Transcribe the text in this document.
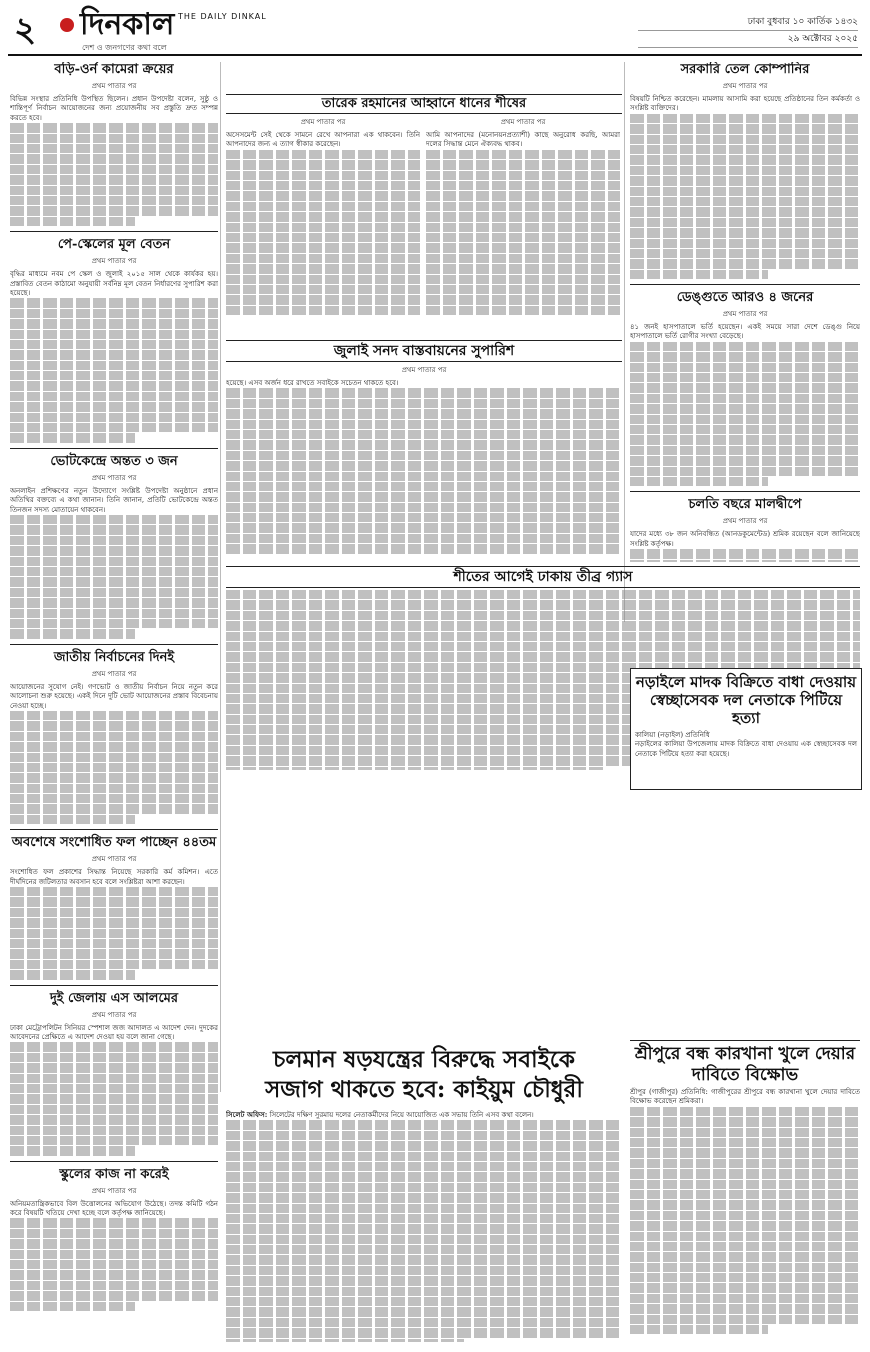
২ দিনকাল THE DAILY DINKAL
দেশ ও জনগণের কথা বলে
ঢাকা বুধবার ১০ কার্তিক ১৪৩২
২৯ অক্টোবর ২০২৫
বড়ি-ওর্ন কামেরা ক্রয়ের
প্রথম পাতার পর
বিভিন্ন সংস্থার প্রতিনিধি উপস্থিত ছিলেন। প্রধান উপদেষ্টা বলেন, সুষ্ঠু ও শান্তিপূর্ণ নির্বাচন আয়োজনের জন্য প্রয়োজনীয় সব প্রস্তুতি দ্রুত সম্পন্ন করতে হবে।
পে-স্কেলের মূল বেতন
প্রথম পাতার পর
বৃদ্ধির মাধ্যমে নবম পে স্কেল ও জুলাই ২০১৫ সাল থেকে কার্যকর হয়। প্রস্তাবিত বেতন কাঠামো অনুযায়ী সর্বনিম্ন মূল বেতন নির্ধারণের সুপারিশ করা হয়েছে।
ভোটকেন্দ্রে অন্তত ৩ জন
প্রথম পাতার পর
অনলাইন প্রশিক্ষণের নতুন উদ্যোগে সংশ্লিষ্ট উপদেষ্টা অনুষ্ঠানে প্রধান অতিথির বক্তব্যে এ কথা জানান। তিনি জানান, প্রতিটি ভোটকেন্দ্রে অন্তত তিনজন সদস্য মোতায়েন থাকবেন।
জাতীয় নির্বাচনের দিনই
প্রথম পাতার পর
আয়োজনের সুযোগ নেই। গণভোট ও জাতীয় নির্বাচন নিয়ে নতুন করে আলোচনা শুরু হয়েছে। একই দিনে দুটি ভোট আয়োজনের প্রস্তাব বিবেচনায় নেওয়া হচ্ছে।
অবশেষে সংশোধিত ফল পাচ্ছেন ৪৪তম
প্রথম পাতার পর
সংশোধিত ফল প্রকাশের সিদ্ধান্ত নিয়েছে সরকারি কর্ম কমিশন। এতে দীর্ঘদিনের জটিলতার অবসান হবে বলে সংশ্লিষ্টরা আশা করছেন।
দুই জেলায় এস আলমের
প্রথম পাতার পর
ঢাকা মেট্রোপলিটন সিনিয়র স্পেশাল জজ আদালত এ আদেশ দেন। দুদকের আবেদনের প্রেক্ষিতে এ আদেশ দেওয়া হয় বলে জানা গেছে।
স্কুলের কাজ না করেই
প্রথম পাতার পর
অনিয়মতান্ত্রিকভাবে বিল উত্তোলনের অভিযোগ উঠেছে। তদন্ত কমিটি গঠন করে বিষয়টি খতিয়ে দেখা হচ্ছে বলে কর্তৃপক্ষ জানিয়েছে।
তারেক রহমানের আহ্বানে ধানের শীষের
প্রথম পাতার পর
অসেসমেন্ট সেই থেকে সামনে রেখে আপনারা এক থাকবেন। তিনি আপনাদের জন্য এ ত্যাগ স্বীকার করেছেন।
প্রথম পাতার পর
আমি আপনাদের (মনোনয়নপ্রত্যাশী) কাছে অনুরোধ করছি, আমরা দলের সিদ্ধান্ত মেনে ঐক্যবদ্ধ থাকব।
জুলাই সনদ বাস্তবায়নের সুপারিশ
প্রথম পাতার পর
হয়েছে। এসব অর্জন ধরে রাখতে সবাইকে সচেতন থাকতে হবে।
শীতের আগেই ঢাকায় তীব্র গ্যাস
সরকারি তেল কোম্পানির
প্রথম পাতার পর
বিষয়টি নিশ্চিত করেছেন। মামলায় আসামি করা হয়েছে প্রতিষ্ঠানের তিন কর্মকর্তা ও সংশ্লিষ্ট ব্যক্তিদের।
ডেঙ্গুতে আরও ৪ জনের
প্রথম পাতার পর
৪১ জনই হাসপাতালে ভর্তি হয়েছেন। একই সময়ে সারা দেশে ডেঙ্গু নিয়ে হাসপাতালে ভর্তি রোগীর সংখ্যা বেড়েছে।
চলতি বছরে মালদ্বীপে
প্রথম পাতার পর
যাদের মধ্যে ৩৮ জন অনিবন্ধিত (আনডকুমেন্টেড) শ্রমিক রয়েছেন বলে জানিয়েছে সংশ্লিষ্ট কর্তৃপক্ষ।
নড়াইলে মাদক বিক্রিতে বাধা দেওয়ায় স্বেচ্ছাসেবক দল নেতাকে পিটিয়ে হত্যা
কালিয়া (নড়াইল) প্রতিনিধি
নড়াইলের কালিয়া উপজেলায় মাদক বিক্রিতে বাধা দেওয়ায় এক স্বেচ্ছাসেবক দল নেতাকে পিটিয়ে হত্যা করা হয়েছে।
শ্রীপুরে বন্ধ কারখানা খুলে দেয়ার দাবিতে বিক্ষোভ
শ্রীপুর (গাজীপুর) প্রতিনিধি: গাজীপুরের শ্রীপুরে বন্ধ কারখানা খুলে দেয়ার দাবিতে বিক্ষোভ করেছেন শ্রমিকরা।
চলমান ষড়যন্ত্রের বিরুদ্ধে সবাইকে
সজাগ থাকতে হবে: কাইয়ুম চৌধুরী
সিলেট অফিস: সিলেটের দক্ষিণ সুরমায় দলের নেতাকর্মীদের নিয়ে আয়োজিত এক সভায় তিনি এসব কথা বলেন।
